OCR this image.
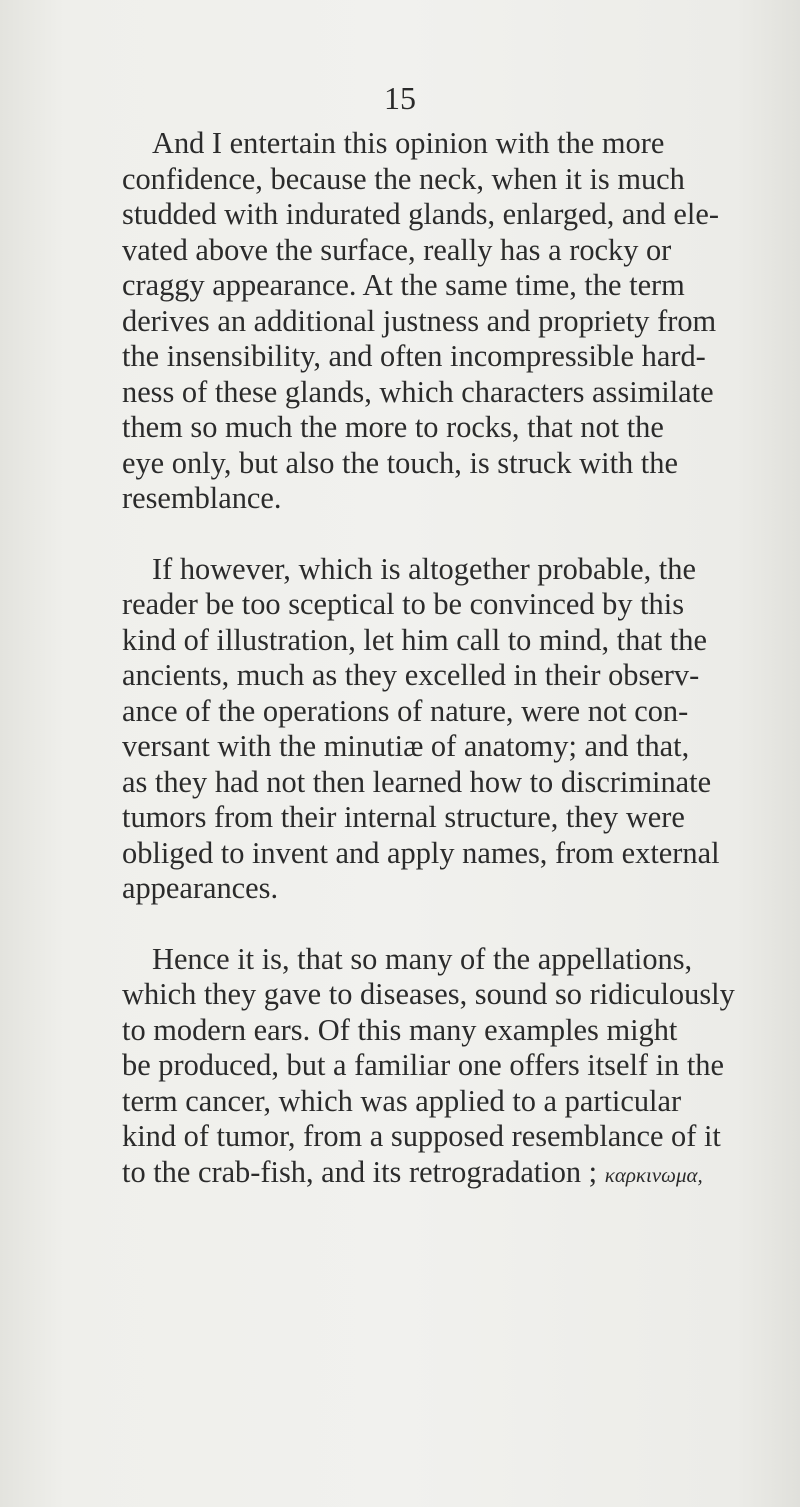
15

And I entertain this opinion with the more
confidence, because the neck, when it is much
studded with indurated glands, enlarged, and ele-
vated above the surface, really has a rocky or
craggy appearance. At the same time, the term
derives an additional justness and propriety from
the insensibility, and often incompressible hard-
ness of these glands, which characters assimilate
them so much the more to rocks, that not the
eye only, but also the touch, is struck with the
resemblance.

If however, which is altogether probable, the
reader be too sceptical to be convinced by this
kind of illustration, let him call to mind, that the
ancients, much as they excelled in their observ-
ance of the operations of nature, were not con-
versant with the minutiæ of anatomy; and that,
as they had not then learned how to discriminate
tumors from their internal structure, they were
obliged to invent and apply names, from external
appearances.

Hence it is, that so many of the appellations,
which they gave to diseases, sound so ridiculously
to modern ears. Of this many examples might
be produced, but a familiar one offers itself in the
term cancer, which was applied to a particular
kind of tumor, from a supposed resemblance of it
to the crab-fish, and its retrogradation ; καρκινωμα,
